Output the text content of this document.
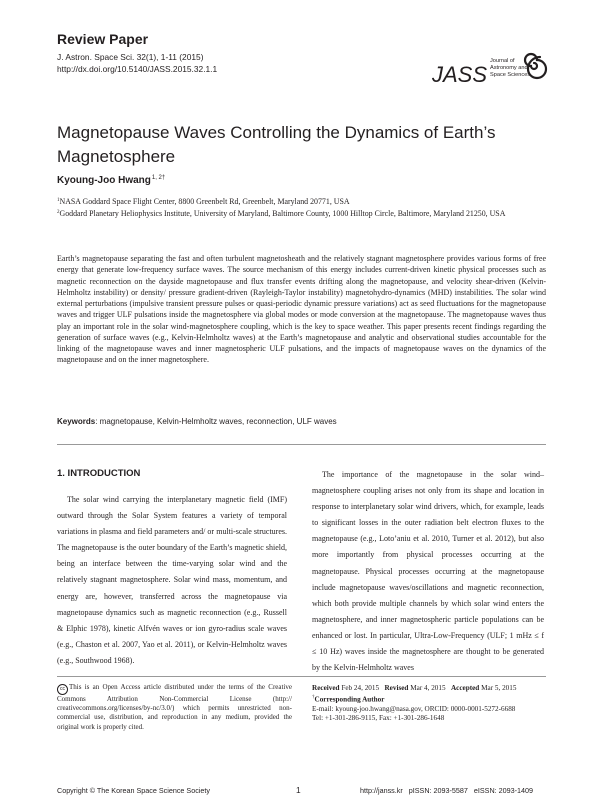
Review Paper
J. Astron. Space Sci. 32(1), 1-11 (2015)
http://dx.doi.org/10.5140/JASS.2015.32.1.1	JASS
Journal of
Astronomy and
Space Sciences
Magnetopause Waves Controlling the Dynamics of Earth’s
Magnetosphere
Kyoung-Joo Hwang$^{1, 2\dagger}$
$^1$NASA Goddard Space Flight Center, 8800 Greenbelt Rd, Greenbelt, Maryland 20771, USA
$^2$Goddard Planetary Heliophysics Institute, University of Maryland, Baltimore County, 1000 Hilltop Circle, Baltimore, Maryland 21250, USA
Earth’s magnetopause separating the fast and often turbulent magnetosheath and the relatively stagnant magnetosphere provides various forms of free energy that generate low-frequency surface waves. The source mechanism of this energy includes current-driven kinetic physical processes such as magnetic reconnection on the dayside magnetopause and flux transfer events drifting along the magnetopause, and velocity shear-driven (Kelvin-Helmholtz instability) or density/ pressure gradient-driven (Rayleigh-Taylor instability) magnetohydro-dynamics (MHD) instabilities. The solar wind external perturbations (impulsive transient pressure pulses or quasi-periodic dynamic pressure variations) act as seed fluctuations for the magnetopause waves and trigger ULF pulsations inside the magnetosphere via global modes or mode conversion at the magnetopause. The magnetopause waves thus play an important role in the solar wind-magnetosphere coupling, which is the key to space weather. This paper presents recent findings regarding the generation of surface waves (e.g., Kelvin-Helmholtz waves) at the Earth’s magnetopause and analytic and observational studies accountable for the linking of the magnetopause waves and inner magnetospheric ULF pulsations, and the impacts of magnetopause waves on the dynamics of the magnetopause and on the inner magnetosphere.
Keywords: magnetopause, Kelvin-Helmholtz waves, reconnection, ULF waves
1. INTRODUCTION
The solar wind carrying the interplanetary magnetic field (IMF) outward through the Solar System features a variety of temporal variations in plasma and field parameters and/ or multi-scale structures. The magnetopause is the outer boundary of the Earth’s magnetic shield, being an interface between the time-varying solar wind and the relatively stagnant magnetosphere. Solar wind mass, momentum, and energy are, however, transferred across the magnetopause via magnetopause dynamics such as magnetic reconnection (e.g., Russell & Elphic 1978), kinetic Alfvén waves or ion gyro-radius scale waves (e.g., Chaston et al. 2007, Yao et al. 2011), or Kelvin-Helmholtz waves (e.g., Southwood 1968).
The importance of the magnetopause in the solar wind–magnetosphere coupling arises not only from its shape and location in response to interplanetary solar wind drivers, which, for example, leads to significant losses in the outer radiation belt electron fluxes to the magnetopause (e.g., Loto’aniu et al. 2010, Turner et al. 2012), but also more importantly from physical processes occurring at the magnetopause. Physical processes occurring at the magnetopause include magnetopause waves/oscillations and magnetic reconnection, which both provide multiple channels by which solar wind enters the magnetosphere, and inner magnetospheric particle populations can be enhanced or lost. In particular, Ultra-Low-Frequency (ULF; 1 mHz ≤ f ≤ 10 Hz) waves inside the magnetosphere are thought to be generated by the Kelvin-Helmholtz waves
cc This is an Open Access article distributed under the terms of the Creative Commons Attribution Non-Commercial License (http:// creativecommons.org/licenses/by-nc/3.0/) which permits unrestricted non-commercial use, distribution, and reproduction in any medium, provided the original work is properly cited.
Received Feb 24, 2015 Revised Mar 4, 2015 Accepted Mar 5, 2015
†Corresponding Author
E-mail: kyoung-joo.hwang@nasa.gov, ORCID: 0000-0001-5272-6688
Tel: +1-301-286-9115, Fax: +1-301-286-1648
Copyright © The Korean Space Science Society	1	http://janss.kr   pISSN: 2093-5587   eISSN: 2093-1409
